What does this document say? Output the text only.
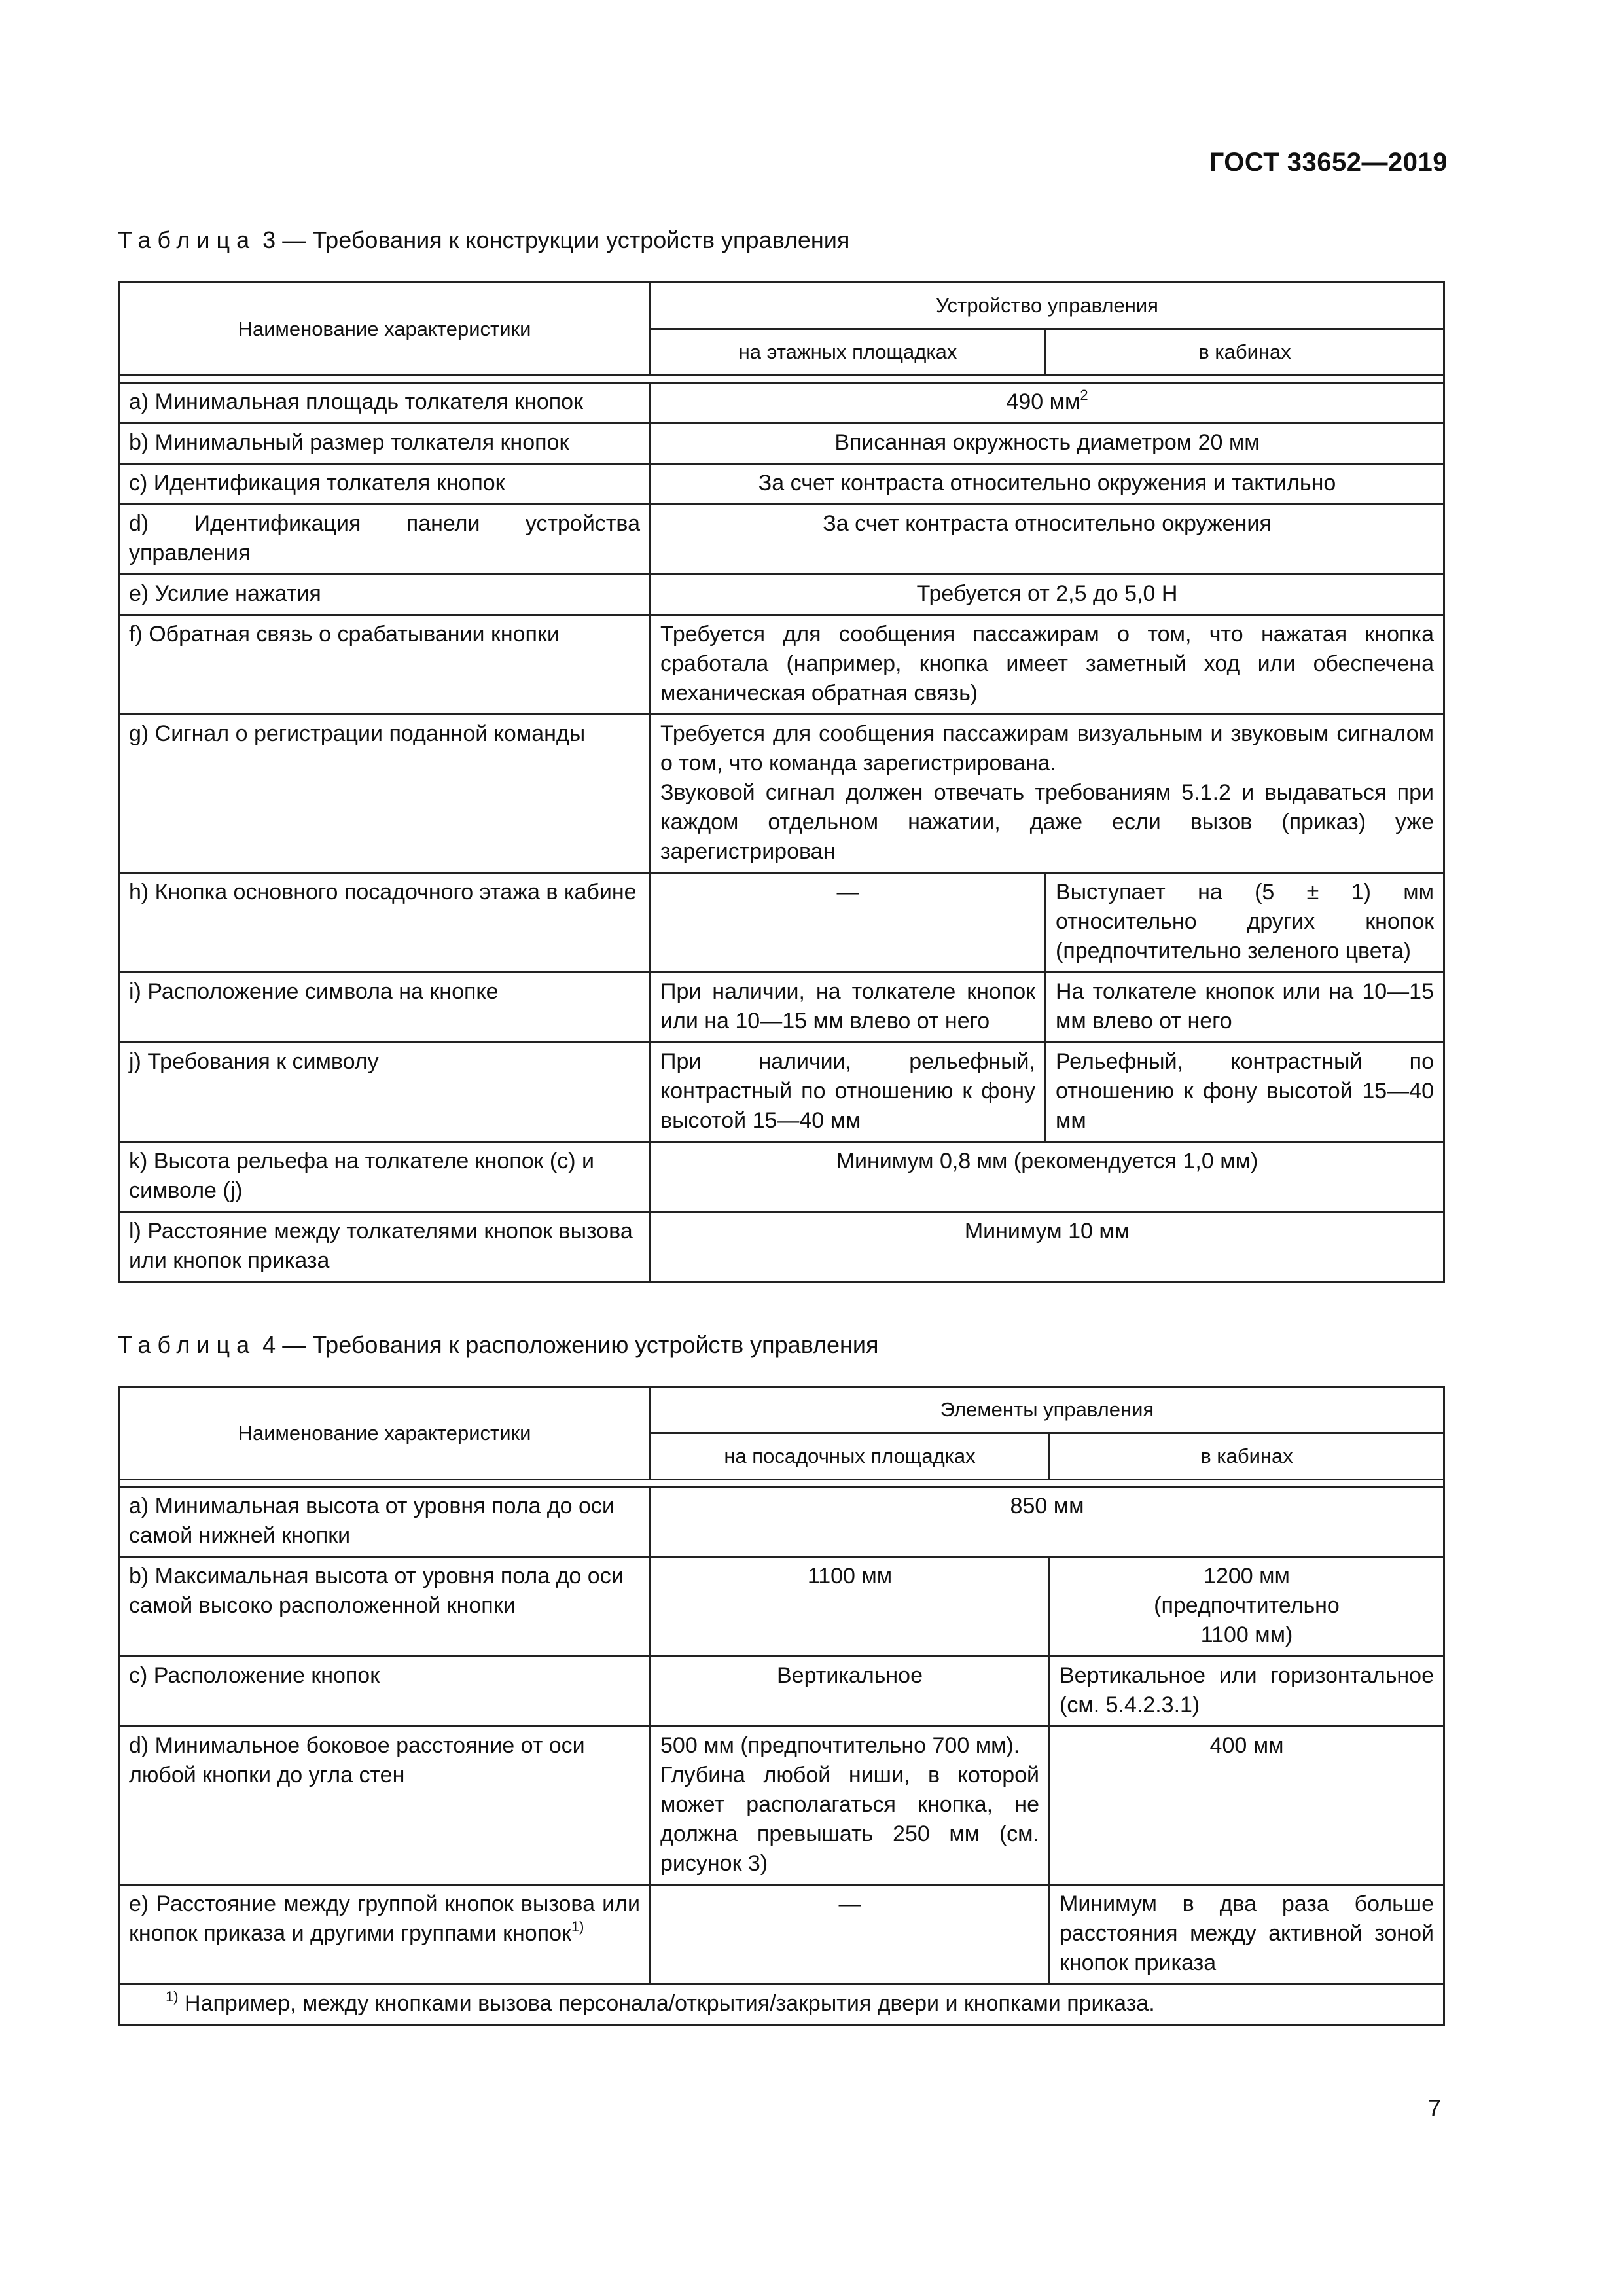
ГОСТ 33652—2019
Таблица 3 — Требования к конструкции устройств управления
Наименование характеристики	Устройство управления	
	на этажных площадках	в кабинах

a) Минимальная площадь толкателя кнопок	490 $мм^2$
b) Минимальный размер толкателя кнопок	Вписанная окружность диаметром 20 мм	
c) Идентификация толкателя кнопок	За счет контраста относительно окружения и тактильно	
d) Идентификация панели устройства управления	За счет контраста относительно окружения	
e) Усилие нажатия	Требуется от 2,5 до 5,0 Н	
f) Обратная связь о срабатывании кнопки	Требуется для сообщения пассажирам о том, что нажатая кнопка сработала (например, кнопка имеет заметный ход или обеспечена механическая обратная связь)	
g) Сигнал о регистрации поданной команды	Требуется для сообщения пассажирам визуальным и звуковым сигналом о том, что команда зарегистрирована.
Звуковой сигнал должен отвечать требованиям 5.1.2 и выдаваться при каждом отдельном нажатии, даже если вызов (приказ) уже зарегистрирован	

h) Кнопка основного посадочного этажа в кабине	—	Выступает на (5 ± 1) мм относительно других кнопок (предпочтительно зеленого цвета)
i) Расположение символа на кнопке	При наличии, на толкателе кнопок или на 10—15 мм влево от него	На толкателе кнопок или на 10—15 мм влево от него
j) Требования к символу	При наличии, рельефный, контрастный по отношению к фону высотой 15—40 мм	Рельефный, контрастный по отношению к фону высотой 15—40 мм
k) Высота рельефа на толкателе кнопок (c) и символе (j)	Минимум 0,8 мм (рекомендуется 1,0 мм)	
l) Расстояние между толкателями кнопок вызова или кнопок приказа	Минимум 10 мм	
Таблица 4 — Требования к расположению устройств управления
Наименование характеристики	Элементы управления	
	на посадочных площадках	в кабинах

a) Минимальная высота от уровня пола до оси самой нижней кнопки	850 мм	
b) Максимальная высота от уровня пола до оси самой высоко расположенной кнопки	1100 мм	1200 мм
(предпочтительно
1100 мм)

c) Расположение кнопок	Вертикальное	Вертикальное или горизонтальное (см. 5.4.2.3.1)
d) Минимальное боковое расстояние от оси любой кнопки до угла стен	500 мм (предпочтительно 700 мм).
Глубина любой ниши, в которой может располагаться кнопка, не должна превышать 250 мм (см. рисунок 3)	400 мм
e) Расстояние между группой кнопок вызова или кнопок приказа и другими группами кнопок$^{1)}$	—	Минимум в два раза больше расстояния между активной зоной кнопок приказа
$^{1)}$ Например, между кнопками вызова персонала/открытия/закрытия двери и кнопками приказа.		
7
